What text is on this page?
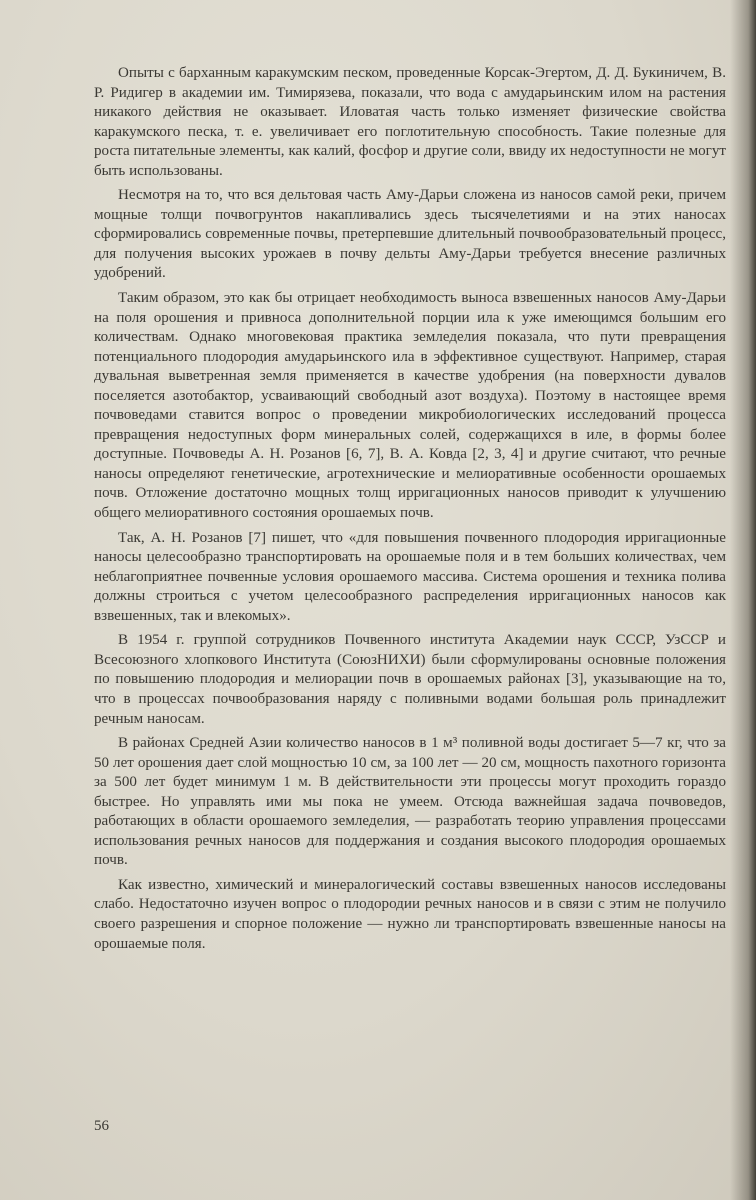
Опыты с барханным каракумским песком, проведенные Корсак-Эгертом, Д. Д. Букиничем, В. Р. Ридигер в академии им. Тимирязева, показали, что вода с амударьинским илом на растения никакого действия не оказывает. Иловатая часть только изменяет физические свойства каракумского песка, т. е. увеличивает его поглотительную способность. Такие полезные для роста питательные элементы, как калий, фосфор и другие соли, ввиду их недоступности не могут быть использованы.

Несмотря на то, что вся дельтовая часть Аму-Дарьи сложена из наносов самой реки, причем мощные толщи почвогрунтов накапливались здесь тысячелетиями и на этих наносах сформировались современные почвы, претерпевшие длительный почвообразовательный процесс, для получения высоких урожаев в почву дельты Аму-Дарьи требуется внесение различных удобрений.

Таким образом, это как бы отрицает необходимость выноса взвешенных наносов Аму-Дарьи на поля орошения и привноса дополнительной порции ила к уже имеющимся большим его количествам. Однако многовековая практика земледелия показала, что пути превращения потенциального плодородия амударьинского ила в эффективное существуют. Например, старая дувальная выветренная земля применяется в качестве удобрения (на поверхности дувалов поселяется азотобактор, усваивающий свободный азот воздуха). Поэтому в настоящее время почвоведами ставится вопрос о проведении микробиологических исследований процесса превращения недоступных форм минеральных солей, содержащихся в иле, в формы более доступные. Почвоведы А. Н. Розанов [6, 7], В. А. Ковда [2, 3, 4] и другие считают, что речные наносы определяют генетические, агротехнические и мелиоративные особенности орошаемых почв. Отложение достаточно мощных толщ ирригационных наносов приводит к улучшению общего мелиоративного состояния орошаемых почв.

Так, А. Н. Розанов [7] пишет, что «для повышения почвенного плодородия ирригационные наносы целесообразно транспортировать на орошаемые поля и в тем больших количествах, чем неблагоприятнее почвенные условия орошаемого массива. Система орошения и техника полива должны строиться с учетом целесообразного распределения ирригационных наносов как взвешенных, так и влекомых».

В 1954 г. группой сотрудников Почвенного института Академии наук СССР, УзССР и Всесоюзного хлопкового Института (СоюзНИХИ) были сформулированы основные положения по повышению плодородия и мелиорации почв в орошаемых районах [3], указывающие на то, что в процессах почвообразования наряду с поливными водами большая роль принадлежит речным наносам.

В районах Средней Азии количество наносов в 1 м³ поливной воды достигает 5—7 кг, что за 50 лет орошения дает слой мощностью 10 см, за 100 лет — 20 см, мощность пахотного горизонта за 500 лет будет минимум 1 м. В действительности эти процессы могут проходить гораздо быстрее. Но управлять ими мы пока не умеем. Отсюда важнейшая задача почвоведов, работающих в области орошаемого земледелия, — разработать теорию управления процессами использования речных наносов для поддержания и создания высокого плодородия орошаемых почв.

Как известно, химический и минералогический составы взвешенных наносов исследованы слабо. Недостаточно изучен вопрос о плодородии речных наносов и в связи с этим не получило своего разрешения и спорное положение — нужно ли транспортировать взвешенные наносы на орошаемые поля.

56
